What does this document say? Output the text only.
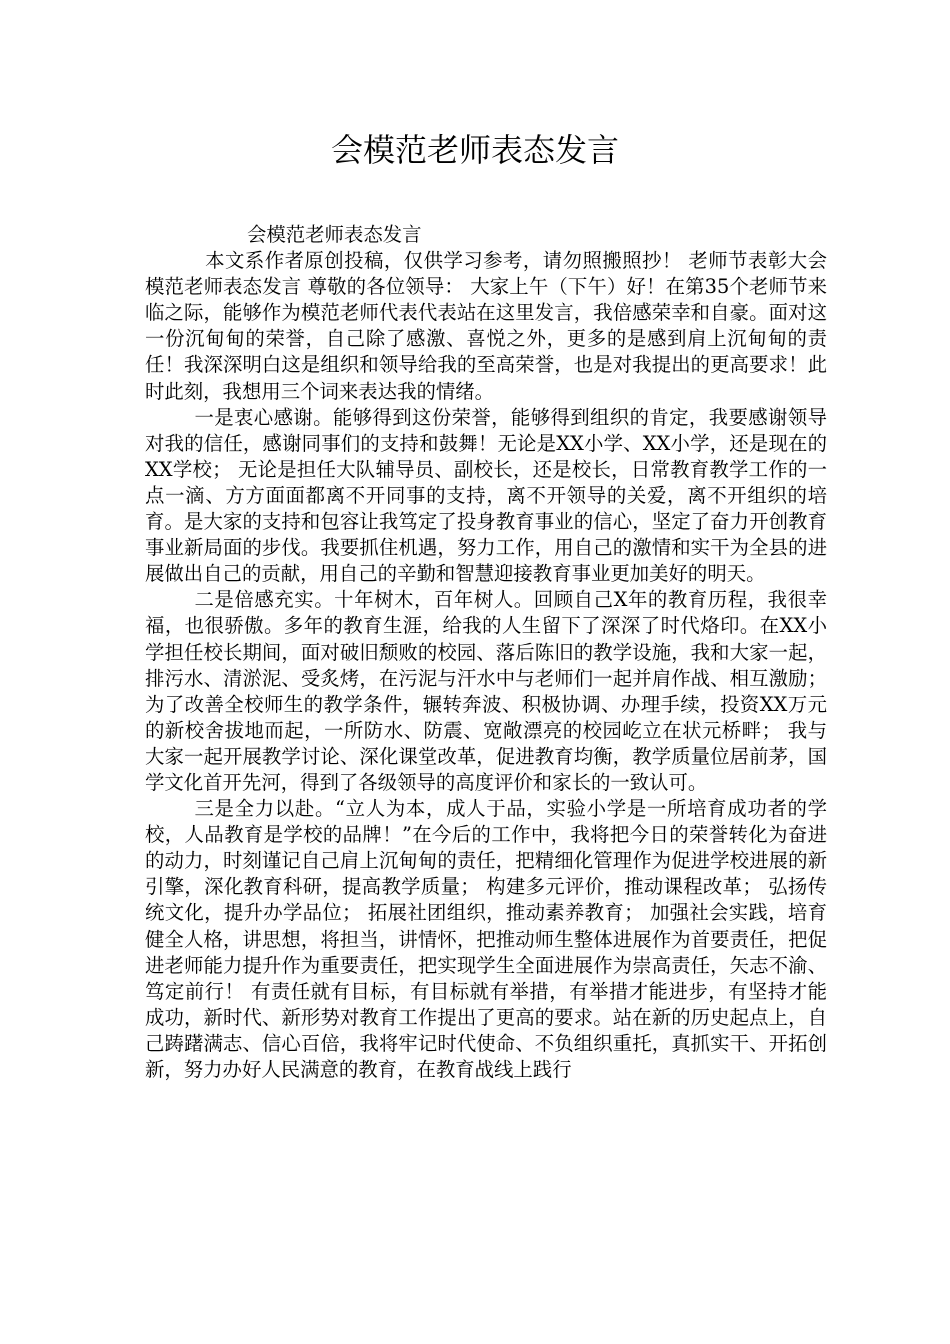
会模范老师表态发言

会模范老师表态发言

本文系作者原创投稿，仅供学习参考，请勿照搬照抄！ 老师节表彰大会模范老师表态发言 尊敬的各位领导： 大家上午（下午）好！在第35个老师节来临之际，能够作为模范老师代表代表站在这里发言，我倍感荣幸和自豪。面对这一份沉甸甸的荣誉，自己除了感激、喜悦之外，更多的是感到肩上沉甸甸的责任！我深深明白这是组织和领导给我的至高荣誉，也是对我提出的更高要求！此时此刻，我想用三个词来表达我的情绪。

一是衷心感谢。能够得到这份荣誉，能够得到组织的肯定，我要感谢领导对我的信任，感谢同事们的支持和鼓舞！无论是XX小学、XX小学，还是现在的XX学校； 无论是担任大队辅导员、副校长，还是校长，日常教育教学工作的一点一滴、方方面面都离不开同事的支持，离不开领导的关爱，离不开组织的培育。是大家的支持和包容让我笃定了投身教育事业的信心，坚定了奋力开创教育事业新局面的步伐。我要抓住机遇，努力工作，用自己的激情和实干为全县的进展做出自己的贡献，用自己的辛勤和智慧迎接教育事业更加美好的明天。

二是倍感充实。十年树木，百年树人。回顾自己X年的教育历程，我很幸福，也很骄傲。多年的教育生涯，给我的人生留下了深深了时代烙印。在XX小学担任校长期间，面对破旧颓败的校园、落后陈旧的教学设施，我和大家一起，排污水、清淤泥、受炙烤，在污泥与汗水中与老师们一起并肩作战、相互激励； 为了改善全校师生的教学条件，辗转奔波、积极协调、办理手续，投资XX万元的新校舍拔地而起，一所防水、防震、宽敞漂亮的校园屹立在状元桥畔； 我与大家一起开展教学讨论、深化课堂改革，促进教育均衡，教学质量位居前茅，国学文化首开先河，得到了各级领导的高度评价和家长的一致认可。

三是全力以赴。“立人为本，成人于品，实验小学是一所培育成功者的学校，人品教育是学校的品牌！”在今后的工作中，我将把今日的荣誉转化为奋进的动力，时刻谨记自己肩上沉甸甸的责任，把精细化管理作为促进学校进展的新引擎，深化教育科研，提高教学质量； 构建多元评价，推动课程改革； 弘扬传统文化，提升办学品位； 拓展社团组织，推动素养教育； 加强社会实践，培育健全人格，讲思想，将担当，讲情怀，把推动师生整体进展作为首要责任，把促进老师能力提升作为重要责任，把实现学生全面进展作为崇高责任，矢志不渝、笃定前行！ 有责任就有目标，有目标就有举措，有举措才能进步，有坚持才能成功，新时代、新形势对教育工作提出了更高的要求。站在新的历史起点上，自己踌躇满志、信心百倍，我将牢记时代使命、不负组织重托，真抓实干、开拓创新，努力办好人民满意的教育，在教育战线上践行
